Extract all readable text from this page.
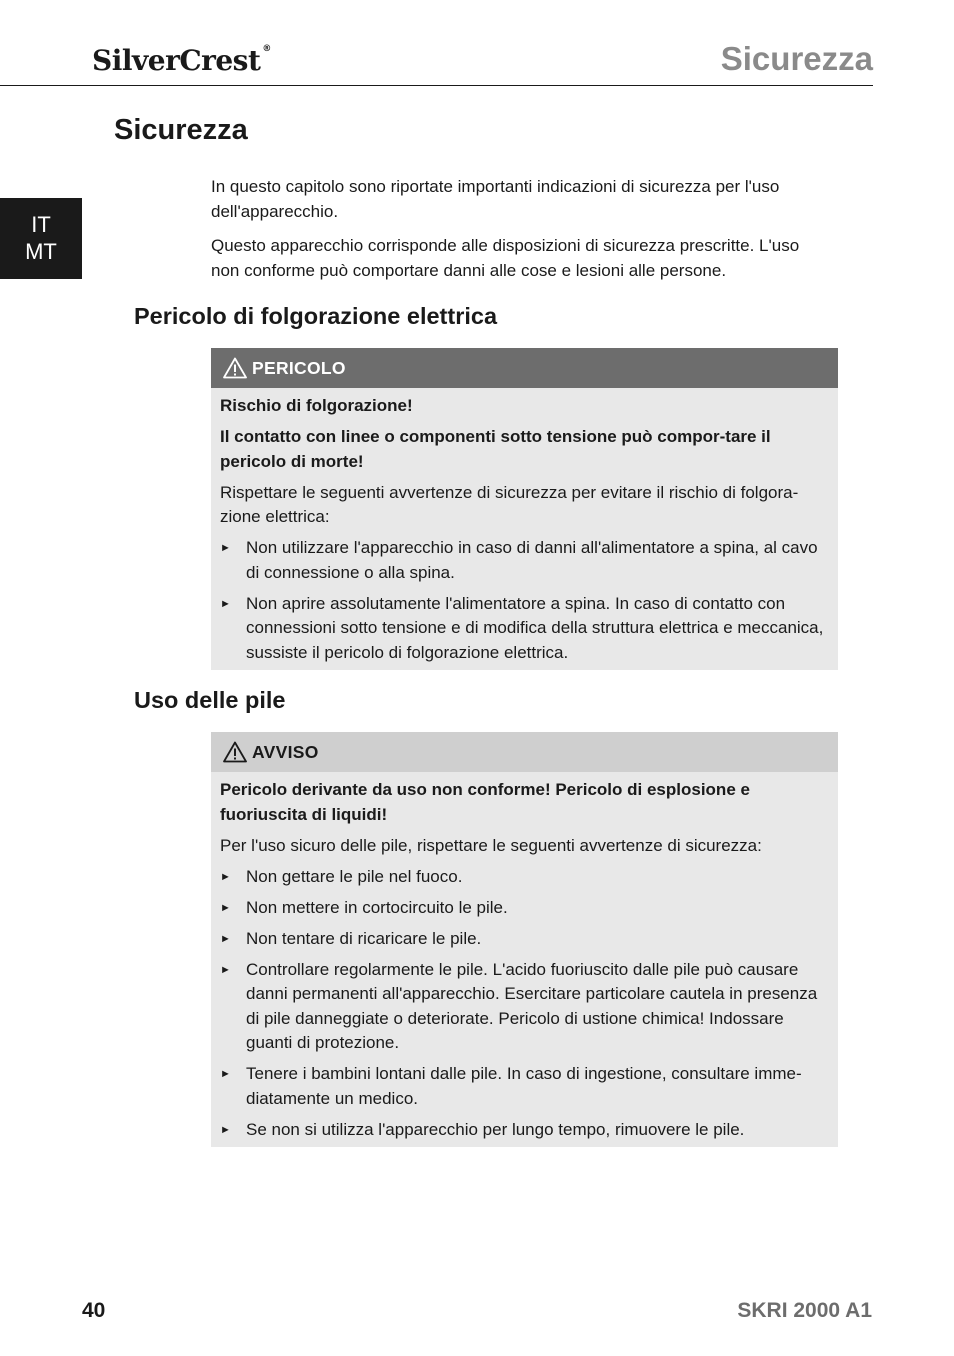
SilverCrest ®	Sicurezza
IT
MT
Sicurezza

In questo capitolo sono riportate importanti indicazioni di sicurezza per l'uso dell'apparecchio.

Questo apparecchio corrisponde alle disposizioni di sicurezza prescritte. L'uso non conforme può comportare danni alle cose e lesioni alle persone.

Pericolo di folgorazione elettrica
PERICOLO

Rischio di folgorazione!

Il contatto con linee o componenti sotto tensione può compor-tare il pericolo di morte!

Rispettare le seguenti avvertenze di sicurezza per evitare il rischio di folgora-zione elettrica:

► Non utilizzare l'apparecchio in caso di danni all'alimentatore a spina, al cavo di connessione o alla spina.
► Non aprire assolutamente l'alimentatore a spina. In caso di contatto con connessioni sotto tensione e di modifica della struttura elettrica e meccanica, sussiste il pericolo di folgorazione elettrica.
Uso delle pile
AVVISO

Pericolo derivante da uso non conforme! Pericolo di esplosione e fuoriuscita di liquidi!

Per l'uso sicuro delle pile, rispettare le seguenti avvertenze di sicurezza:

► Non gettare le pile nel fuoco.
► Non mettere in cortocircuito le pile.
► Non tentare di ricaricare le pile.
► Controllare regolarmente le pile. L'acido fuoriuscito dalle pile può causare danni permanenti all'apparecchio. Esercitare particolare cautela in presenza di pile danneggiate o deteriorate. Pericolo di ustione chimica! Indossare guanti di protezione.
► Tenere i bambini lontani dalle pile. In caso di ingestione, consultare imme-diatamente un medico.
► Se non si utilizza l'apparecchio per lungo tempo, rimuovere le pile.
40	SKRI 2000 A1
